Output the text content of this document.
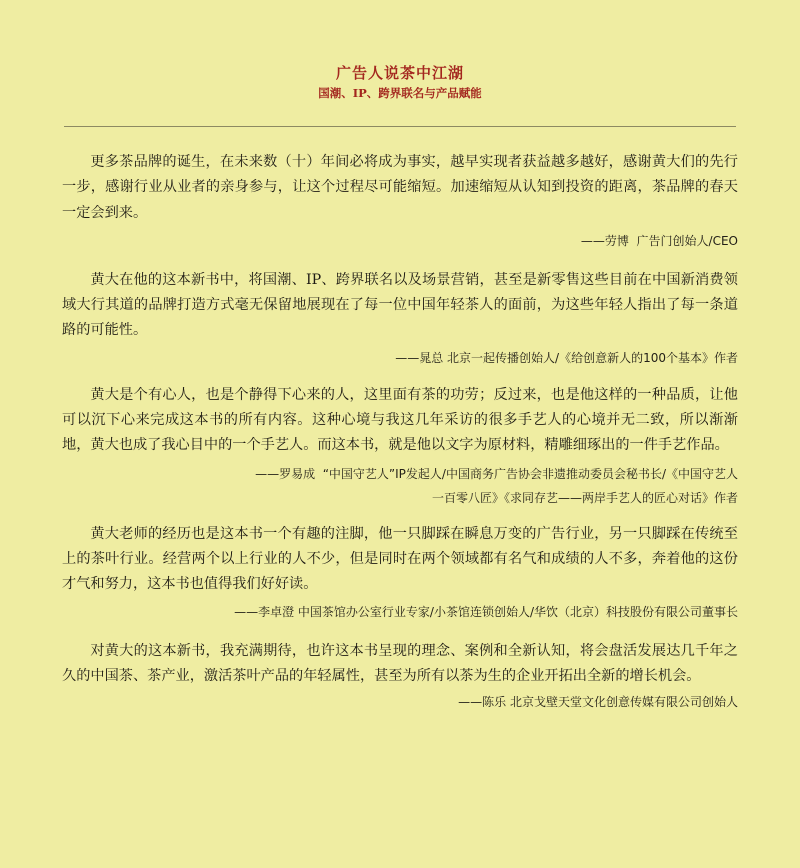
广告人说茶中江湖
国潮、IP、跨界联名与产品赋能

更多茶品牌的诞生，在未来数（十）年间必将成为事实，越早实现者获益越多越好，感谢黄大们的先行一步，感谢行业从业者的亲身参与，让这个过程尽可能缩短。加速缩短从认知到投资的距离，茶品牌的春天一定会到来。

——劳博  广告门创始人/CEO

黄大在他的这本新书中，将国潮、IP、跨界联名以及场景营销，甚至是新零售这些目前在中国新消费领域大行其道的品牌打造方式毫无保留地展现在了每一位中国年轻茶人的面前，为这些年轻人指出了每一条道路的可能性。

——晁总 北京一起传播创始人/《给创意新人的100个基本》作者

黄大是个有心人，也是个静得下心来的人，这里面有茶的功劳；反过来，也是他这样的一种品质，让他可以沉下心来完成这本书的所有内容。这种心境与我这几年采访的很多手艺人的心境并无二致，所以渐渐地，黄大也成了我心目中的一个手艺人。而这本书，就是他以文字为原材料，精雕细琢出的一件手艺作品。

——罗易成  “中国守艺人”IP发起人/中国商务广告协会非遗推动委员会秘书长/《中国守艺人
一百零八匠》《求同存艺——两岸手艺人的匠心对话》作者

黄大老师的经历也是这本书一个有趣的注脚，他一只脚踩在瞬息万变的广告行业，另一只脚踩在传统至上的茶叶行业。经营两个以上行业的人不少，但是同时在两个领域都有名气和成绩的人不多，奔着他的这份才气和努力，这本书也值得我们好好读。

——李卓澄 中国茶馆办公室行业专家/小茶馆连锁创始人/华饮（北京）科技股份有限公司董事长

对黄大的这本新书，我充满期待，也许这本书呈现的理念、案例和全新认知，将会盘活发展达几千年之久的中国茶、茶产业，激活茶叶产品的年轻属性，甚至为所有以茶为生的企业开拓出全新的增长机会。

——陈乐 北京戈壁天堂文化创意传媒有限公司创始人
